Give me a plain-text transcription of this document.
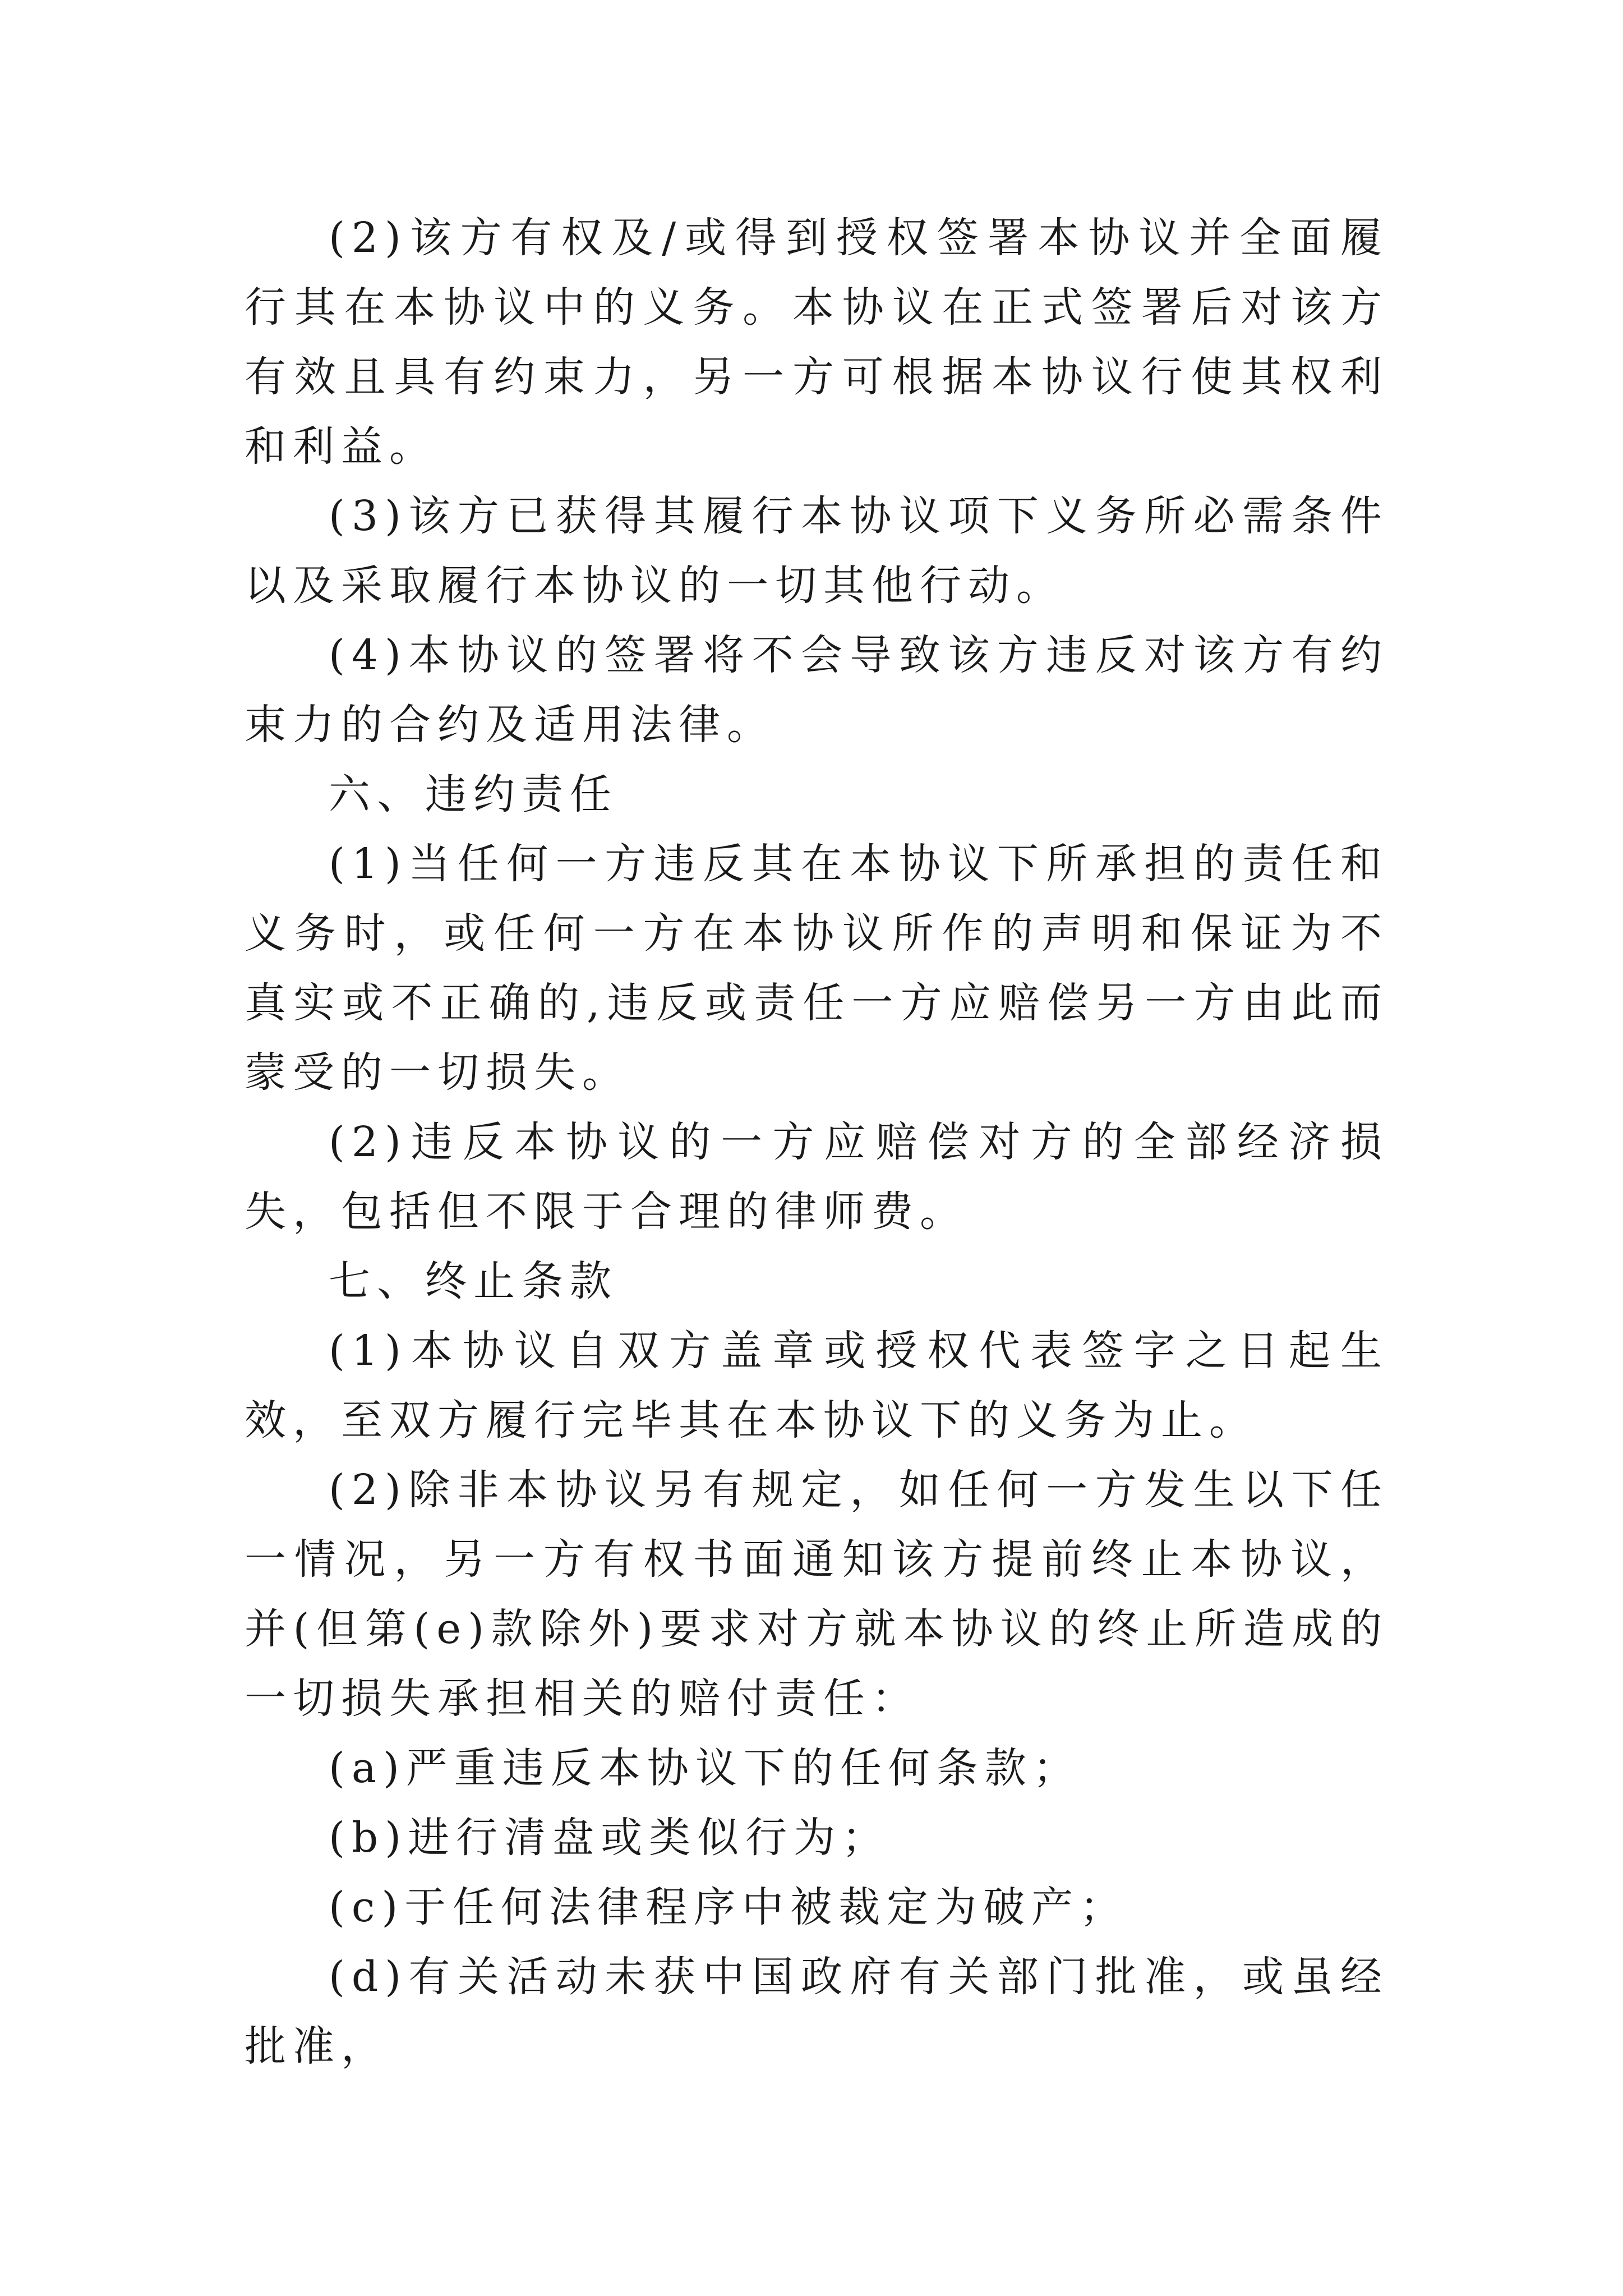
(2)该方有权及/或得到授权签署本协议并全面履行其在本协议中的义务。本协议在正式签署后对该方有效且具有约束力，另一方可根据本协议行使其权利和利益。

(3)该方已获得其履行本协议项下义务所必需条件以及采取履行本协议的一切其他行动。

(4)本协议的签署将不会导致该方违反对该方有约束力的合约及适用法律。

六、违约责任

(1)当任何一方违反其在本协议下所承担的责任和义务时，或任何一方在本协议所作的声明和保证为不真实或不正确的,违反或责任一方应赔偿另一方由此而蒙受的一切损失。

(2)违反本协议的一方应赔偿对方的全部经济损失，包括但不限于合理的律师费。

七、终止条款

(1)本协议自双方盖章或授权代表签字之日起生效，至双方履行完毕其在本协议下的义务为止。

(2)除非本协议另有规定，如任何一方发生以下任一情况，另一方有权书面通知该方提前终止本协议，并(但第(e)款除外)要求对方就本协议的终止所造成的一切损失承担相关的赔付责任：

(a)严重违反本协议下的任何条款；

(b)进行清盘或类似行为；

(c)于任何法律程序中被裁定为破产；

(d)有关活动未获中国政府有关部门批准，或虽经批准，
